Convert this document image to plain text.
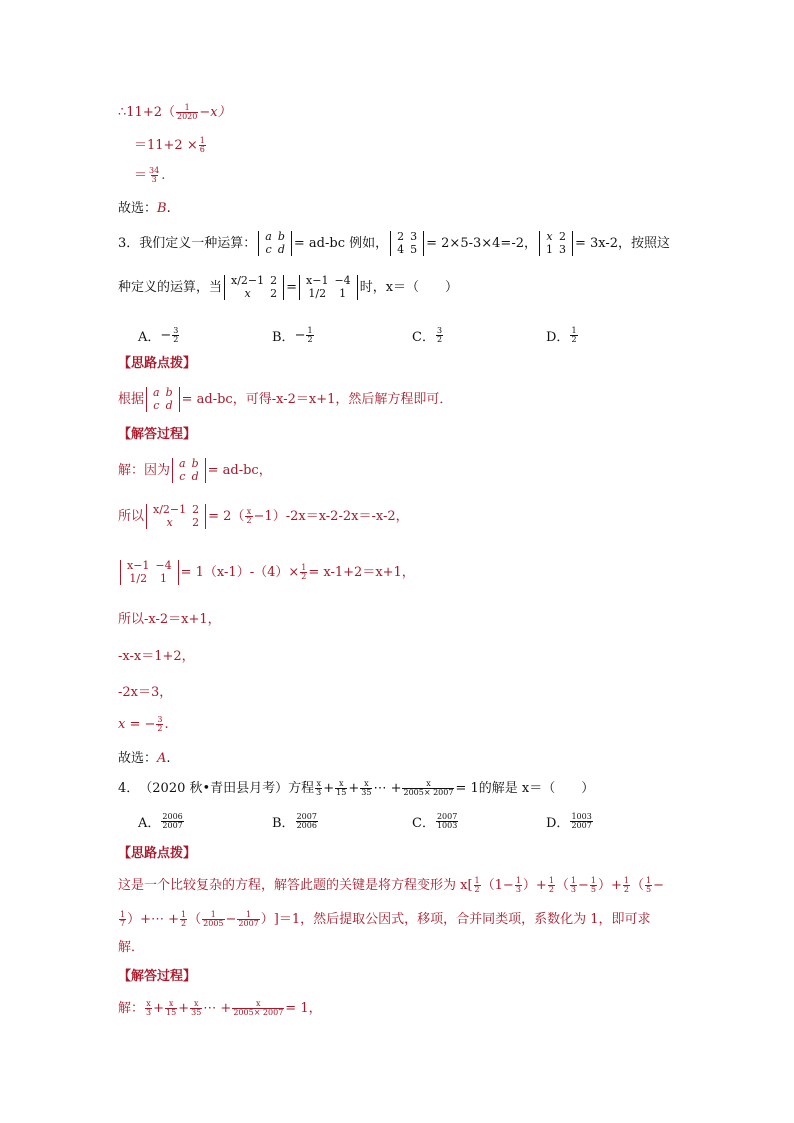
∴11+2（ $\frac{1}{2020} -x$）
$=11+2 \times \frac{1}{6}$
＝ $\frac{34}{3}$ .
故选： B .
3． 我们定义一种运算： a	b
c	d = ad-bc 例如， 2	3
4	5 = 2×5-3×4=-2， x	2
1	3 = 3x-2，按照这
种定义的运算，当 x/2−1	2
x	2 = x−1	−4
1/2	1 时，x＝（　　）
A． − $\frac{3}{2}$	B． − $\frac{1}{2}$	C． $\frac{3}{2}$	D． $\frac{1}{2}$
【思路点拨】
根据 a	b
c	d = ad-bc，可得-x-2＝x+1，然后解方程即可．
【解答过程】
解：因为 a	b
c	d = ad-bc，
所以 x/2−1	2
x	$2 = 2( \frac{x}{2} -1)-2x=x-2-2x=-x-2$，
x−1	−4
1/2	$1 = 1(x-1)-(4)\times \frac{1}{2} = x-1+2=x+1$，
所以-x-2＝x+1，
-x-x＝1+2，
-2x＝3，
x = − $\frac{3}{2}$ .
故选： A .
4． （2020 秋•青田县月考）方程 $\frac{x}{3} + \frac{x}{15} + \frac{x}{35}$ ⋯ + $\frac{x}{2005\times 2007} = 1$的解是 x＝（　　）
A． $\frac{2006}{2007}$	B． $\frac{2007}{2006}$	C． $\frac{2007}{1003}$	D． $\frac{1003}{2007}$
【思路点拨】
这是一个比较复杂的方程，解答此题的关键是将方程变形为 $x[ \frac{1}{2} (1- \frac{1}{3}$ ）+ $\frac{1}{2}$ （ $\frac{1}{3} - \frac{1}{5}$ ）+ $\frac{1}{2}$ （ $\frac{1}{5}$ −
$\frac{1}{7}$ ） +⋯ + $\frac{1}{2}$ （ $\frac{1}{2005} - \frac{1}{2007}$ ） ]＝1，然后提取公因式，移项，合并同类项，系数化为 1，即可求
解．
【解答过程】
解： $\frac{x}{3} + \frac{x}{15} + \frac{x}{35}$ ⋯ + $\frac{x}{2005\times 2007} = 1$，
